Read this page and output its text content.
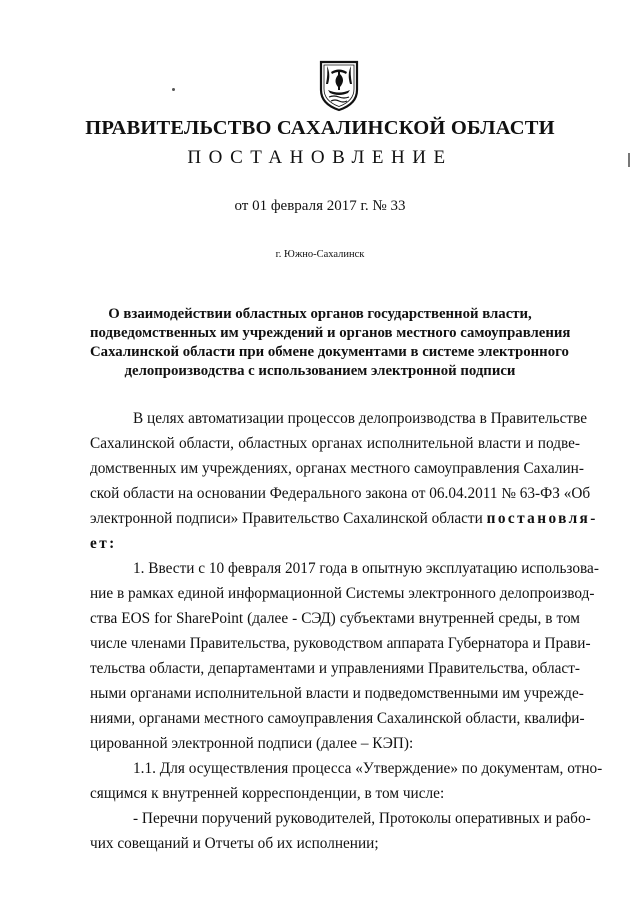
ПРАВИТЕЛЬСТВО САХАЛИНСКОЙ ОБЛАСТИ
ПОСТАНОВЛЕНИЕ
от 01 февраля 2017 г. № 33
г. Южно-Сахалинск
О взаимодействии областных органов государственной власти,
подведомственных им учреждений и органов местного самоуправления
Сахалинской области при обмене документами в системе электронного
делопроизводства с использованием электронной подписи
В целях автоматизации процессов делопроизводства в Правительстве
Сахалинской области, областных органах исполнительной власти и подве-
домственных им учреждениях, органах местного самоуправления Сахалин-
ской области на основании Федерального закона от 06.04.2011 № 63-ФЗ «Об
электронной подписи» Правительство Сахалинской области постановля-
ет:
1. Ввести с 10 февраля 2017 года в опытную эксплуатацию использова-
ние в рамках единой информационной Системы электронного делопроизвод-
ства EOS for SharePoint (далее - СЭД) субъектами внутренней среды, в том
числе членами Правительства, руководством аппарата Губернатора и Прави-
тельства области, департаментами и управлениями Правительства, област-
ными органами исполнительной власти и подведомственными им учрежде-
ниями, органами местного самоуправления Сахалинской области, квалифи-
цированной электронной подписи (далее – КЭП):
1.1. Для осуществления процесса «Утверждение» по документам, отно-
сящимся к внутренней корреспонденции, в том числе:
- Перечни поручений руководителей, Протоколы оперативных и рабо-
чих совещаний и Отчеты об их исполнении;
